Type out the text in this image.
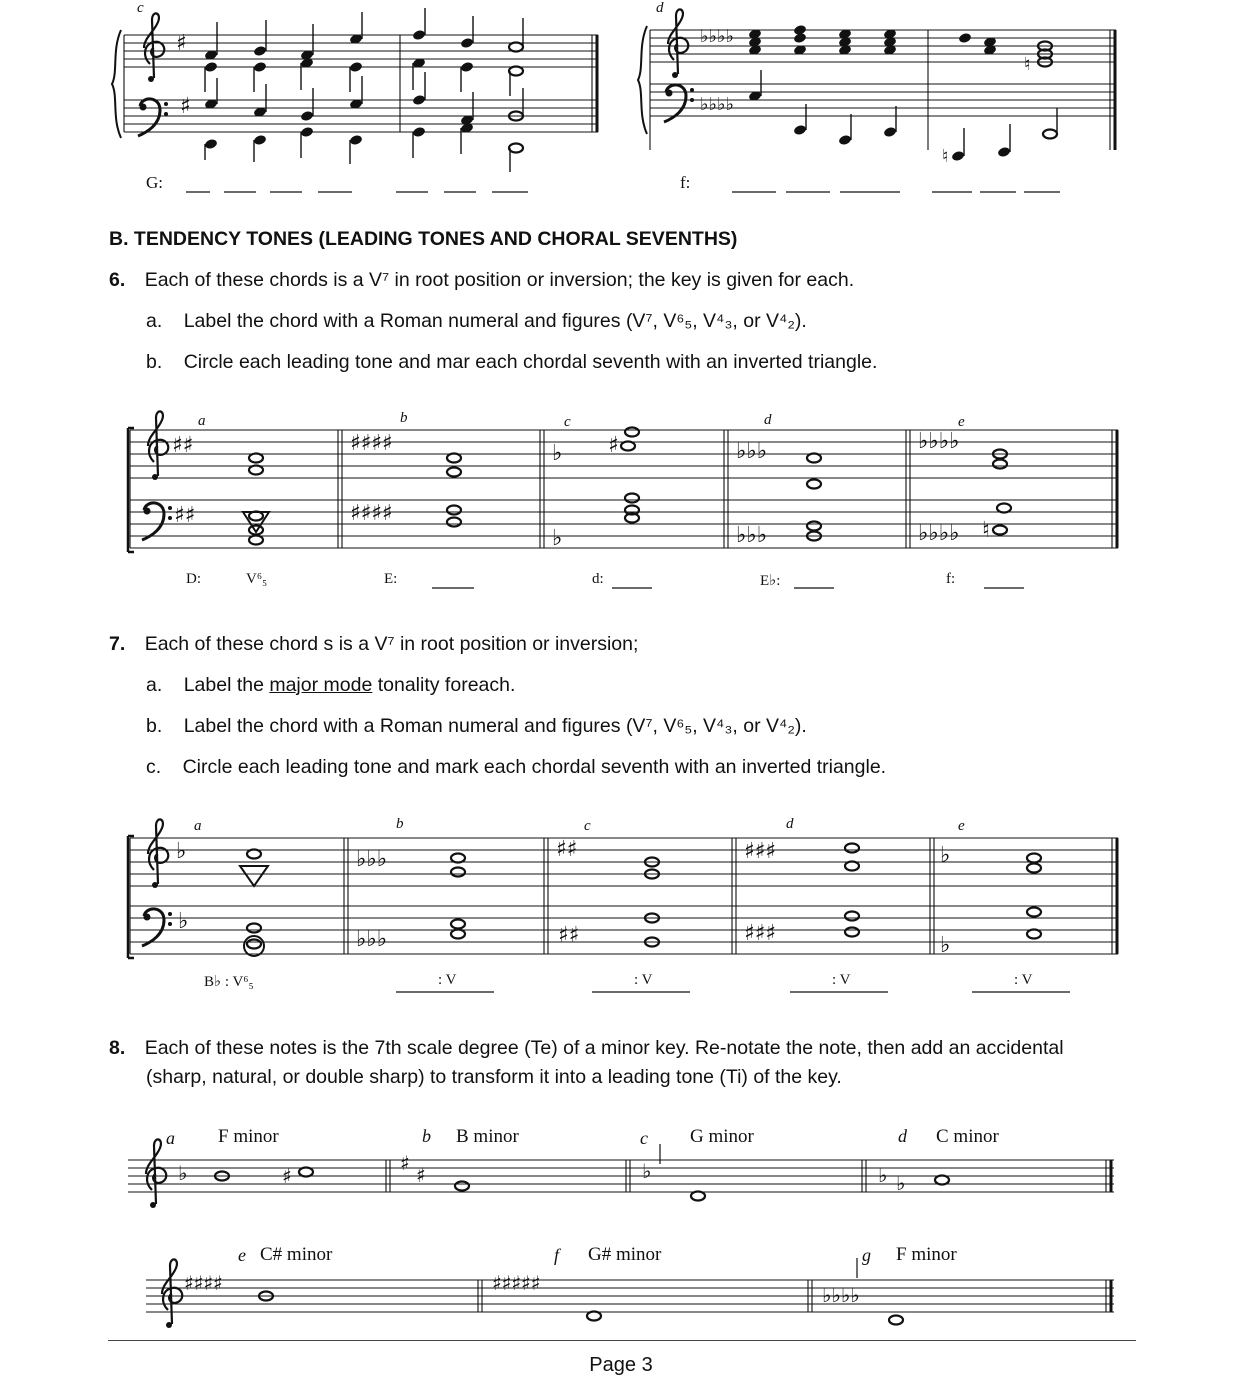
♯
♯
♭♭♭♭
♭♭♭♭
♮
♮
♯♯
♯♯
♯♯♯♯
♯♯♯♯
♭
♭
♭♭♭
♭♭♭
♭♭♭♭
♭♭♭♭
♯
♮
♭
♭
♭♭♭
♭♭♭
♯♯
♯♯
♯♯♯
♯♯♯
♭
♭
♭	♯
♯ ♯	♭	♭ ♭
♯♯♯♯	♯♯♯♯♯	♭♭♭♭
c	d
G:	f:
B. TENDENCY TONES (LEADING TONES AND CHORAL SEVENTHS)
6. Each of these chords is a V⁷ in root position or inversion; the key is given for each.
a. Label the chord with a Roman numeral and figures (V⁷, V⁶₅, V⁴₃, or V⁴₂).
b. Circle each leading tone and mar each chordal seventh with an inverted triangle.
a	b	c	d	e
D:	V⁶₅	E:	d:	E♭:	f:
7. Each of these chord s is a V⁷ in root position or inversion;
a. Label the major mode tonality foreach.
b. Label the chord with a Roman numeral and figures (V⁷, V⁶₅, V⁴₃, or V⁴₂).
c. Circle each leading tone and mark each chordal seventh with an inverted triangle.
a	b	c	d	e
B♭ : V⁶₅	: V	: V	: V	: V
8. Each of these notes is the 7th scale degree (Te) of a minor key. Re-notate the note, then add an accidental
(sharp, natural, or double sharp) to transform it into a leading tone (Ti) of the key.
a F minor	b B minor	c G minor	d C minor
e C# minor	f G# minor	g F minor
Page 3
